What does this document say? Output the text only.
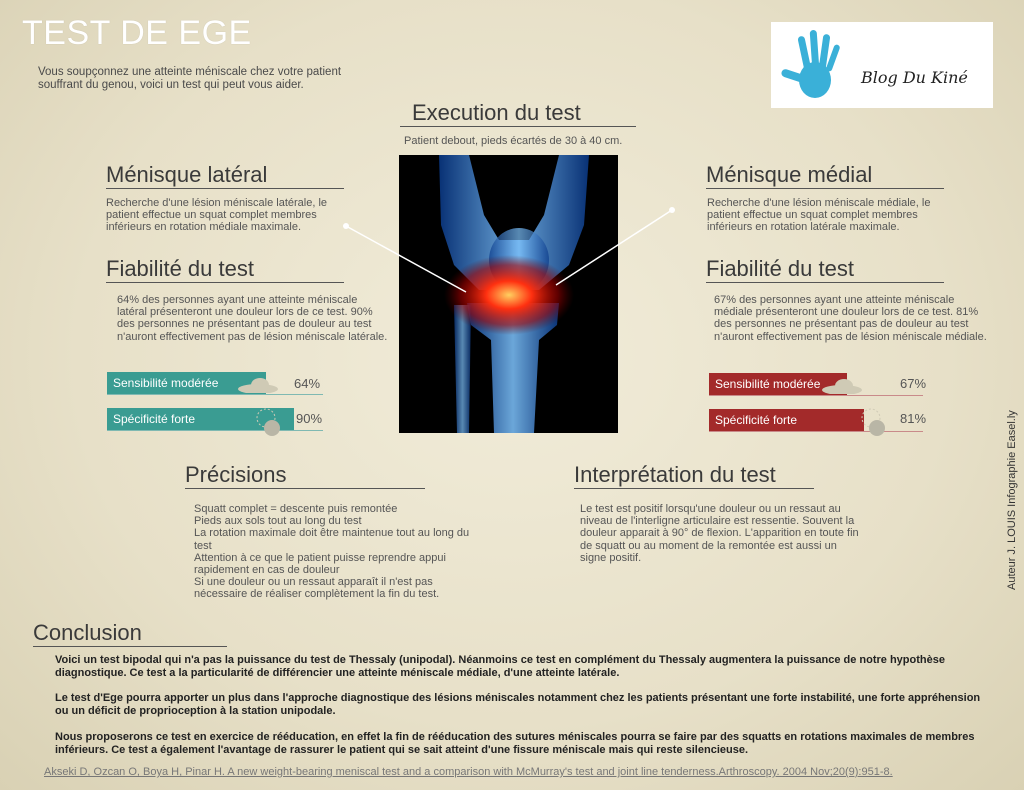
TEST DE EGE
Vous soupçonnez une atteinte méniscale chez votre patient souffrant du genou, voici un test qui peut vous aider.	Blog Du Kiné
Execution du test
Patient debout, pieds écartés de 30 à 40 cm.
Ménisque latéral
Recherche d'une lésion méniscale latérale, le patient effectue un squat complet membres inférieurs en rotation médiale maximale.
Fiabilité du test
64% des personnes ayant une atteinte méniscale latéral présenteront une douleur lors de ce test. 90% des personnes ne présentant pas de douleur au test n'auront effectivement pas de lésion méniscale latérale.
Sensibilité modérée	64%
Spécificité forte	90%
Ménisque médial
Recherche d'une lésion méniscale médiale, le patient effectue un squat complet membres inférieurs en rotation latérale maximale.
Fiabilité du test
67% des personnes ayant une atteinte méniscale médiale présenteront une douleur lors de ce test. 81% des personnes ne présentant pas de douleur au test n'auront effectivement pas de lésion méniscale médiale.
Sensibilité modérée	67%
Spécificité forte	81%
Précisions
Squatt complet = descente puis remontée
Pieds aux sols tout au long du test
La rotation maximale doit être maintenue tout au long du test
Attention à ce que le patient puisse reprendre appui rapidement en cas de douleur
Si une douleur ou un ressaut apparaît il n'est pas nécessaire de réaliser complètement la fin du test.
Interprétation du test
Le test est positif lorsqu'une douleur ou un ressaut au niveau de l'interligne articulaire est ressentie. Souvent la douleur apparait à 90° de flexion. L'apparition en toute fin de squatt ou au moment de la remontée est aussi un signe positif.
Conclusion
Voici un test bipodal qui n'a pas la puissance du test de Thessaly (unipodal). Néanmoins ce test en complément du Thessaly augmentera la puissance de notre hypothèse diagnostique. Ce test a la particularité de différencier une atteinte méniscale médiale, d'une atteinte latérale.
Le test d'Ege pourra apporter un plus dans l'approche diagnostique des lésions méniscales notamment chez les patients présentant une forte instabilité, une forte appréhension ou un déficit de proprioception à la station unipodale.
Nous proposerons ce test en exercice de rééducation, en effet la fin de rééducation des sutures méniscales pourra se faire par des squatts en rotations maximales de membres inférieurs. Ce test a également l'avantage de rassurer le patient qui se sait atteint d'une fissure méniscale mais qui reste silencieuse.
Akseki D, Ozcan O, Boya H, Pinar H. A new weight-bearing meniscal test and a comparison with McMurray's test and joint line tenderness.Arthroscopy. 2004 Nov;20(9):951-8.
Auteur J. LOUIS Infographie Easel.ly
